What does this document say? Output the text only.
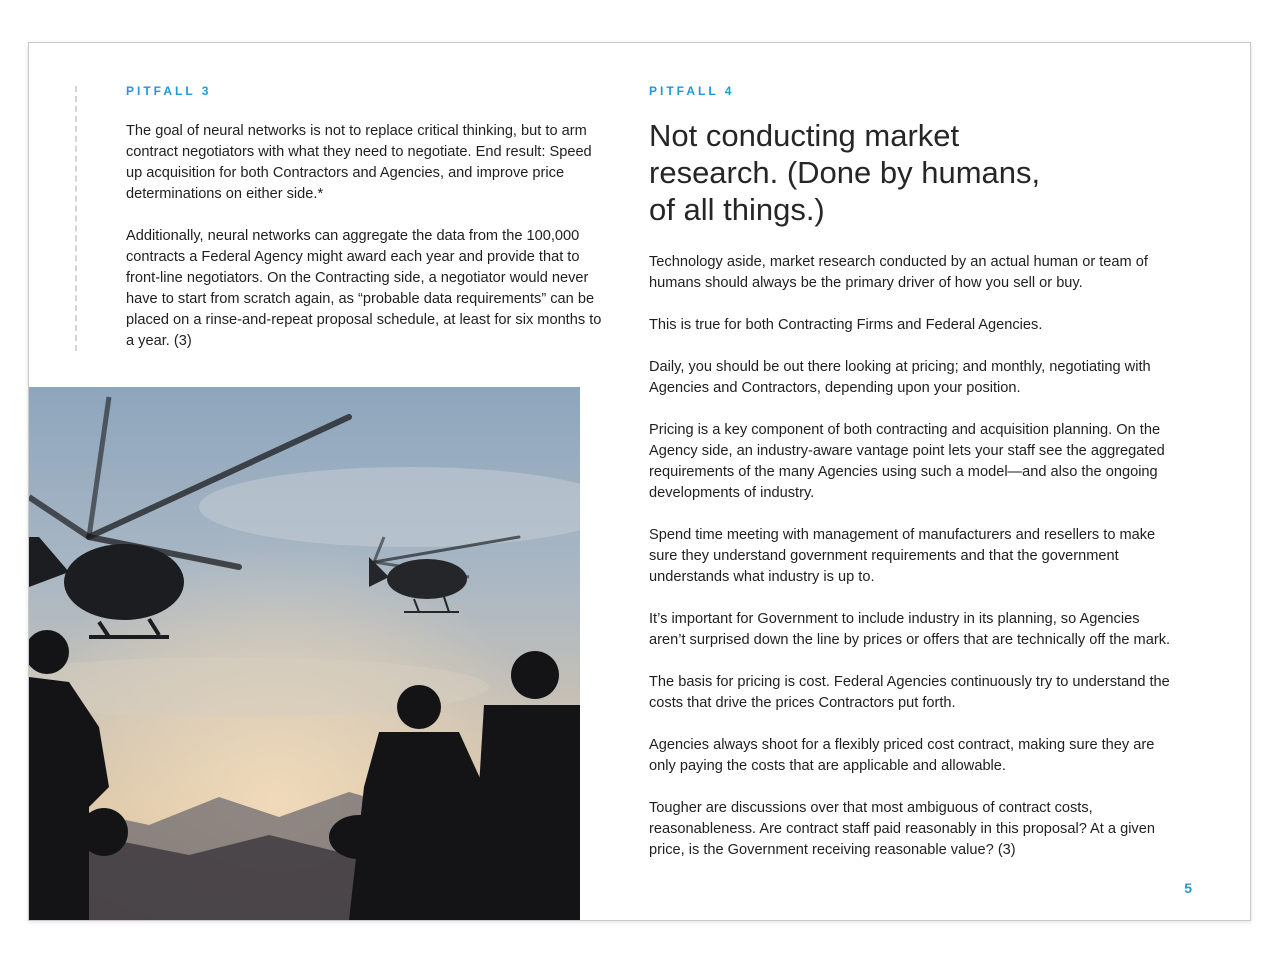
PITFALL 3

The goal of neural networks is not to replace critical thinking, but to arm contract negotiators with what they need to negotiate. End result: Speed up acquisition for both Contractors and Agencies, and improve price determinations on either side.*

Additionally, neural networks can aggregate the data from the 100,000 contracts a Federal Agency might award each year and provide that to front-line negotiators. On the Contracting side, a negotiator would never have to start from scratch again, as “probable data requirements” can be placed on a rinse-and-repeat proposal schedule, at least for six months to a year. (3)

PITFALL 4

Not conducting market
research. (Done by humans,
of all things.)

Technology aside, market research conducted by an actual human or team of humans should always be the primary driver of how you sell or buy.

This is true for both Contracting Firms and Federal Agencies.

Daily, you should be out there looking at pricing; and monthly, negotiating with Agencies and Contractors, depending upon your position.

Pricing is a key component of both contracting and acquisition planning. On the Agency side, an industry-aware vantage point lets your staff see the aggregated requirements of the many Agencies using such a model—and also the ongoing developments of industry.

Spend time meeting with management of manufacturers and resellers to make sure they understand government requirements and that the government understands what industry is up to.

It’s important for Government to include industry in its planning, so Agencies aren’t surprised down the line by prices or offers that are technically off the mark.

The basis for pricing is cost. Federal Agencies continuously try to understand the costs that drive the prices Contractors put forth.

Agencies always shoot for a flexibly priced cost contract, making sure they are only paying the costs that are applicable and allowable.

Tougher are discussions over that most ambiguous of contract costs, reasonableness. Are contract staff paid reasonably in this proposal? At a given price, is the Government receiving reasonable value? (3)

5
